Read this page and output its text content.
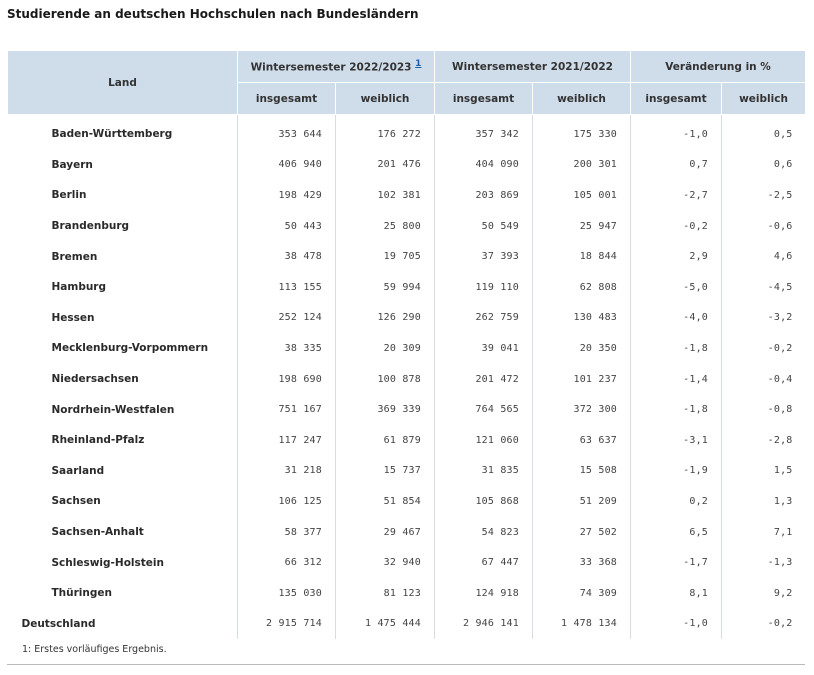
Studierende an deutschen Hochschulen nach Bundesländern
Land	Wintersemester 2022/2023 1		Wintersemester 2021/2022		Veränderung in %	
	insgesamt	weiblich	insgesamt	weiblich	insgesamt	weiblich
Baden-Württemberg	353 644	176 272	357 342	175 330	-1,0	0,5
Bayern	406 940	201 476	404 090	200 301	0,7	0,6
Berlin	198 429	102 381	203 869	105 001	-2,7	-2,5
Brandenburg	50 443	25 800	50 549	25 947	-0,2	-0,6
Bremen	38 478	19 705	37 393	18 844	2,9	4,6
Hamburg	113 155	59 994	119 110	62 808	-5,0	-4,5
Hessen	252 124	126 290	262 759	130 483	-4,0	-3,2
Mecklenburg-Vorpommern	38 335	20 309	39 041	20 350	-1,8	-0,2
Niedersachsen	198 690	100 878	201 472	101 237	-1,4	-0,4
Nordrhein-Westfalen	751 167	369 339	764 565	372 300	-1,8	-0,8
Rheinland-Pfalz	117 247	61 879	121 060	63 637	-3,1	-2,8
Saarland	31 218	15 737	31 835	15 508	-1,9	1,5
Sachsen	106 125	51 854	105 868	51 209	0,2	1,3
Sachsen-Anhalt	58 377	29 467	54 823	27 502	6,5	7,1
Schleswig-Holstein	66 312	32 940	67 447	33 368	-1,7	-1,3
Thüringen	135 030	81 123	124 918	74 309	8,1	9,2
Deutschland	2 915 714	1 475 444	2 946 141	1 478 134	-1,0	-0,2
1: Erstes vorläufiges Ergebnis.
